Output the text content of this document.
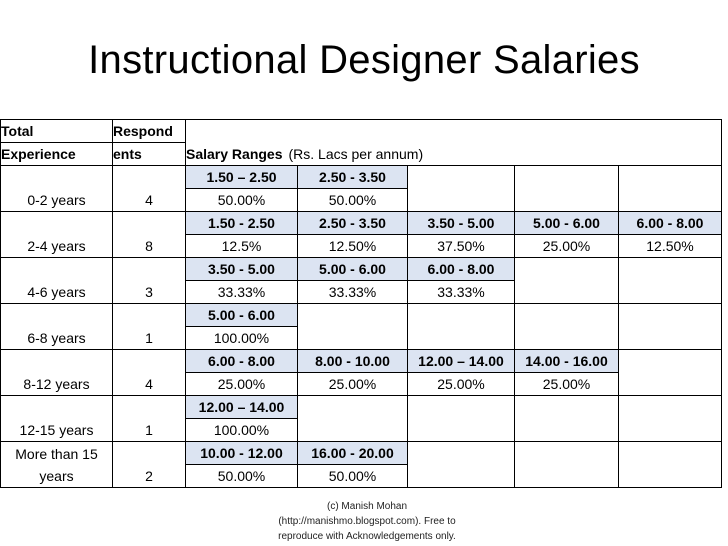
Instructional Designer Salaries
Total	Respond					
Experience	ents	Salary Ranges (Rs. Lacs per annum)				
0-2 years	4	1.50 – 2.50	2.50 - 3.50			
		50.00%	50.00%			
2-4 years	8	1.50 - 2.50	2.50 - 3.50	3.50 - 5.00	5.00 - 6.00	6.00 - 8.00
		12.5%	12.50%	37.50%	25.00%	12.50%
4-6 years	3	3.50 - 5.00	5.00 - 6.00	6.00 - 8.00		
		33.33%	33.33%	33.33%		
6-8 years	1	5.00 - 6.00				
		100.00%				
8-12 years	4	6.00 - 8.00	8.00 - 10.00	12.00 – 14.00	14.00 - 16.00	
		25.00%	25.00%	25.00%	25.00%	
12-15 years	1	12.00 – 14.00				
		100.00%				

More than 15
years	2	10.00 - 12.00	16.00 - 20.00			
		50.00%	50.00%			
(c) Manish Mohan
(http://manishmo.blogspot.com). Free to
reproduce with Acknowledgements only.
